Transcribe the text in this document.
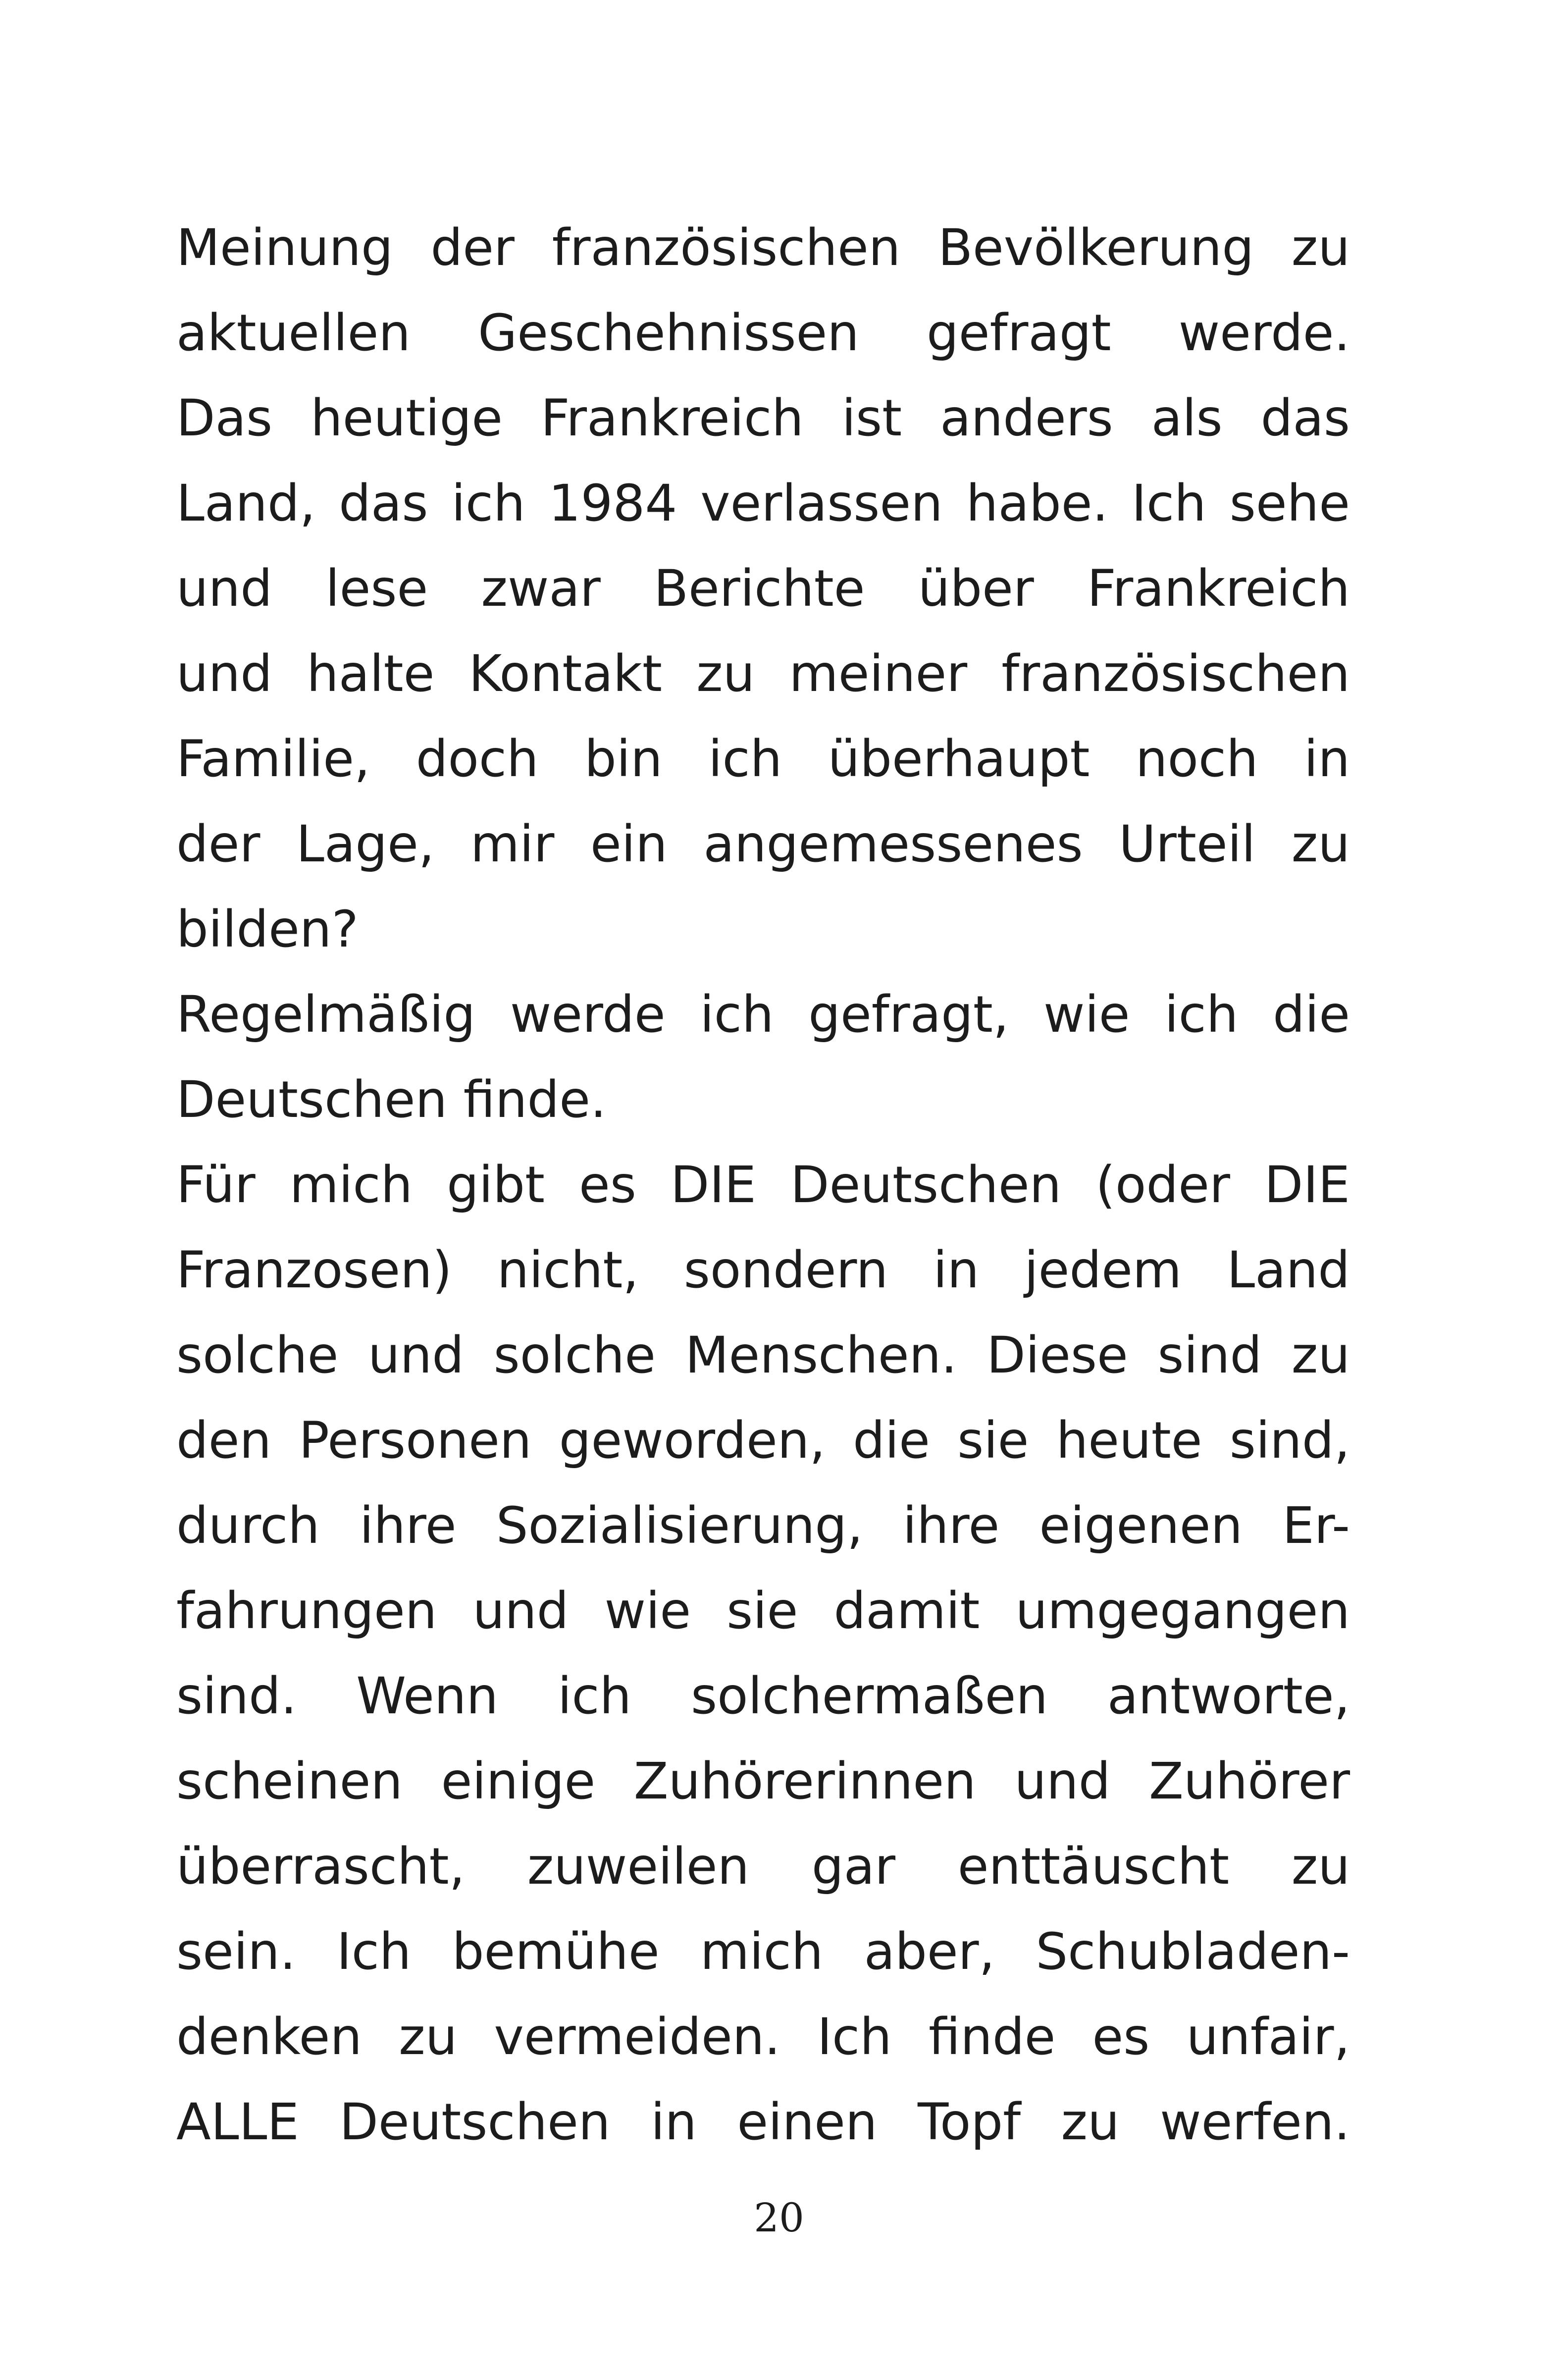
Meinung der französischen Bevölkerung zu
aktuellen Geschehnissen gefragt werde.
Das heutige Frankreich ist anders als das
Land, das ich 1984 verlassen habe. Ich sehe
und lese zwar Berichte über Frankreich
und halte Kontakt zu meiner französischen
Familie, doch bin ich überhaupt noch in
der Lage, mir ein angemessenes Urteil zu
bilden?
Regelmäßig werde ich gefragt, wie ich die
Deutschen finde.
Für mich gibt es DIE Deutschen (oder DIE
Franzosen) nicht, sondern in jedem Land
solche und solche Menschen. Diese sind zu
den Personen geworden, die sie heute sind,
durch ihre Sozialisierung, ihre eigenen Er-
fahrungen und wie sie damit umgegangen
sind. Wenn ich solchermaßen antworte,
scheinen einige Zuhörerinnen und Zuhörer
überrascht, zuweilen gar enttäuscht zu
sein. Ich bemühe mich aber, Schubladen-
denken zu vermeiden. Ich finde es unfair,
ALLE Deutschen in einen Topf zu werfen.
20
